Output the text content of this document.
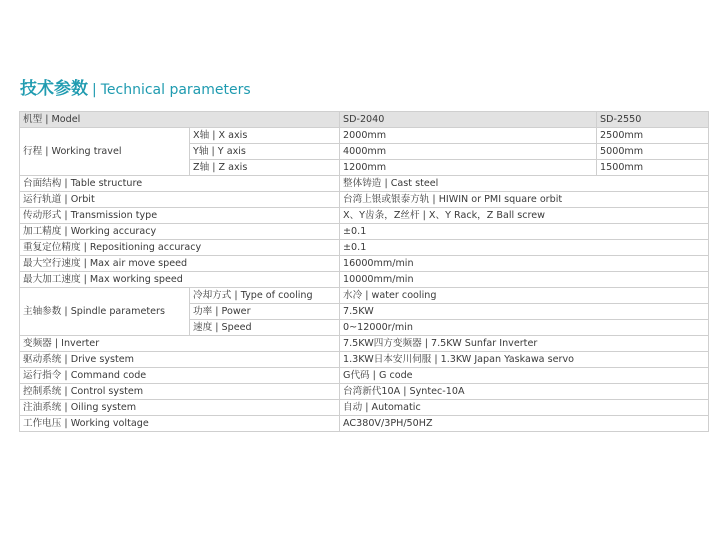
技术参数 | Technical parameters
机型 | Model		SD-2040	SD-2550
行程 | Working travel	X轴 | X axis	2000mm	2500mm
	Y轴 | Y axis	4000mm	5000mm
	Z轴 | Z axis	1200mm	1500mm
台面结构 | Table structure		整体铸造 | Cast steel	
运行轨道 | Orbit		台湾上银或银泰方轨 | HIWIN or PMI square orbit	
传动形式 | Transmission type		X、Y齿条，Z丝杆 | X、Y Rack，Z Ball screw	
加工精度 | Working accuracy		±0.1	
重复定位精度 | Repositioning accuracy		±0.1	
最大空行速度 | Max air move speed		16000mm/min	
最大加工速度 | Max working speed		10000mm/min	
主轴参数 | Spindle parameters	冷却方式 | Type of cooling	水冷 | water cooling	
	功率 | Power	7.5KW	
	速度 | Speed	0~12000r/min	
变频器 | Inverter		7.5KW四方变频器 | 7.5KW Sunfar Inverter	
驱动系统 | Drive system		1.3KW日本安川伺服 | 1.3KW Japan Yaskawa servo	
运行指令 | Command code		G代码 | G code	
控制系统 | Control system		台湾新代10A | Syntec-10A	
注油系统 | Oiling system		自动 | Automatic	
工作电压 | Working voltage		AC380V/3PH/50HZ	
